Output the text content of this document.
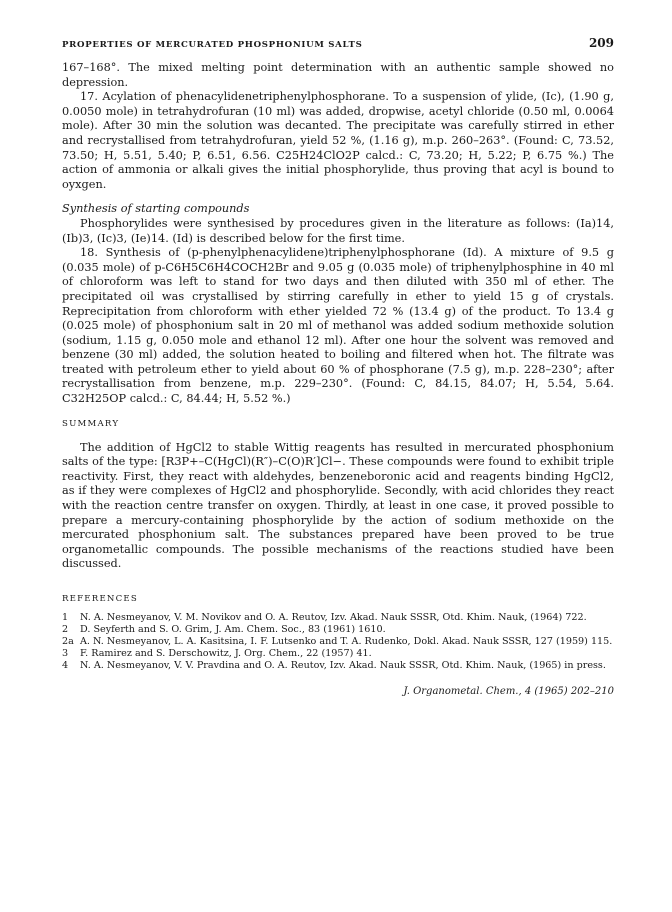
PROPERTIES OF MERCURATED PHOSPHONIUM SALTS	209

167–168°. The mixed melting point determination with an authentic sample showed no depression.

17. Acylation of phenacylidenetriphenylphosphorane. To a suspension of ylide, (Ic), (1.90 g, 0.0050 mole) in tetrahydrofuran (10 ml) was added, dropwise, acetyl chloride (0.50 ml, 0.0064 mole). After 30 min the solution was decanted. The precipitate was carefully stirred in ether and recrystallised from tetrahydrofuran, yield 52 %, (1.16 g), m.p. 260–263°. (Found: C, 73.52, 73.50; H, 5.51, 5.40; P, 6.51, 6.56. C25H24ClO2P calcd.: C, 73.20; H, 5.22; P, 6.75 %.) The action of ammonia or alkali gives the initial phosphorylide, thus proving that acyl is bound to oyxgen.

Synthesis of starting compounds

Phosphorylides were synthesised by procedures given in the literature as follows: (Ia)14, (Ib)3, (Ic)3, (Ie)14. (Id) is described below for the first time.

18. Synthesis of (p-phenylphenacylidene)triphenylphosphorane (Id). A mixture of 9.5 g (0.035 mole) of p-C6H5C6H4COCH2Br and 9.05 g (0.035 mole) of triphenylphosphine in 40 ml of chloroform was left to stand for two days and then diluted with 350 ml of ether. The precipitated oil was crystallised by stirring carefully in ether to yield 15 g of crystals. Reprecipitation from chloroform with ether yielded 72 % (13.4 g) of the product. To 13.4 g (0.025 mole) of phosphonium salt in 20 ml of methanol was added sodium methoxide solution (sodium, 1.15 g, 0.050 mole and ethanol 12 ml). After one hour the solvent was removed and benzene (30 ml) added, the solution heated to boiling and filtered when hot. The filtrate was treated with petroleum ether to yield about 60 % of phosphorane (7.5 g), m.p. 228–230°; after recrystallisation from benzene, m.p. 229–230°. (Found: C, 84.15, 84.07; H, 5.54, 5.64. C32H25OP calcd.: C, 84.44; H, 5.52 %.)

SUMMARY

The addition of HgCl2 to stable Wittig reagents has resulted in mercurated phosphonium salts of the type: [R3P+–C(HgCl)(R″)–C(O)R′]Cl−. These compounds were found to exhibit triple reactivity. First, they react with aldehydes, benzeneboronic acid and reagents binding HgCl2, as if they were complexes of HgCl2 and phosphorylide. Secondly, with acid chlorides they react with the reaction centre transfer on oxygen. Thirdly, at least in one case, it proved possible to prepare a mercury-containing phosphorylide by the action of sodium methoxide on the mercurated phosphonium salt. The substances prepared have been proved to be true organometallic compounds. The possible mechanisms of the reactions studied have been discussed.

REFERENCES

1	N. A. Nesmeyanov, V. M. Novikov and O. A. Reutov, Izv. Akad. Nauk SSSR, Otd. Khim. Nauk, (1964) 722.
2	D. Seyferth and S. O. Grim, J. Am. Chem. Soc., 83 (1961) 1610.
2a A. N. Nesmeyanov, L. A. Kasitsina, I. F. Lutsenko and T. A. Rudenko, Dokl. Akad. Nauk SSSR, 127 (1959) 115.
3	F. Ramirez and S. Derschowitz, J. Org. Chem., 22 (1957) 41.
4	N. A. Nesmeyanov, V. V. Pravdina and O. A. Reutov, Izv. Akad. Nauk SSSR, Otd. Khim. Nauk, (1965) in press.
J. Organometal. Chem., 4 (1965) 202–210
